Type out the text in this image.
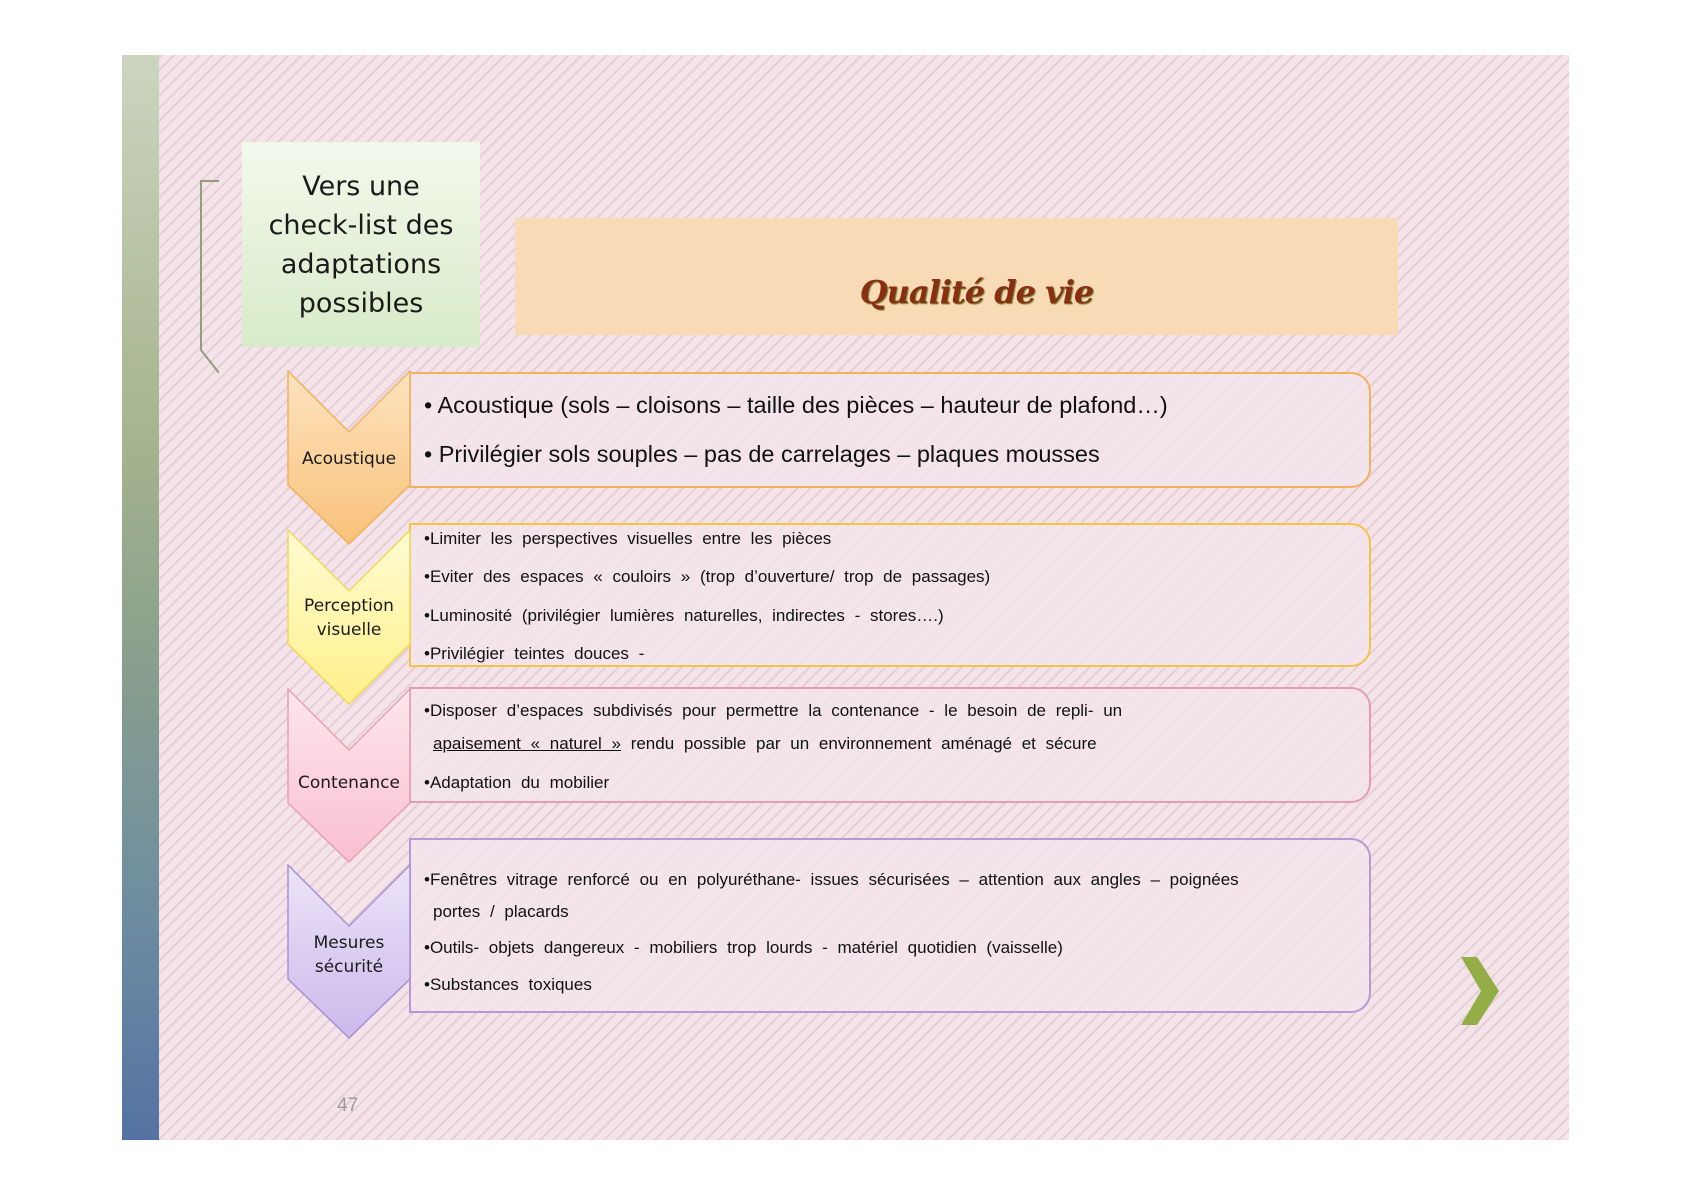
Vers une check-list des adaptations possibles	Qualité de vie
• Acoustique (sols – cloisons – taille des pièces – hauteur de plafond…)
• Privilégier sols souples – pas de carrelages – plaques mousses
Acoustique
•Limiter les perspectives visuelles entre les pièces
•Eviter des espaces « couloirs » (trop d’ouverture/ trop de passages)
•Luminosité (privilégier lumières naturelles, indirectes - stores….)
•Privilégier teintes douces -
Perception visuelle
•Disposer d’espaces subdivisés pour permettre la contenance - le besoin de repli- un
apaisement « naturel » rendu possible par un environnement aménagé et sécure
•Adaptation du mobilier
Contenance
•Fenêtres vitrage renforcé ou en polyuréthane- issues sécurisées – attention aux angles – poignées
portes / placards
•Outils- objets dangereux - mobiliers trop lourds - matériel quotidien (vaisselle)
•Substances toxiques
Mesures sécurité
47
